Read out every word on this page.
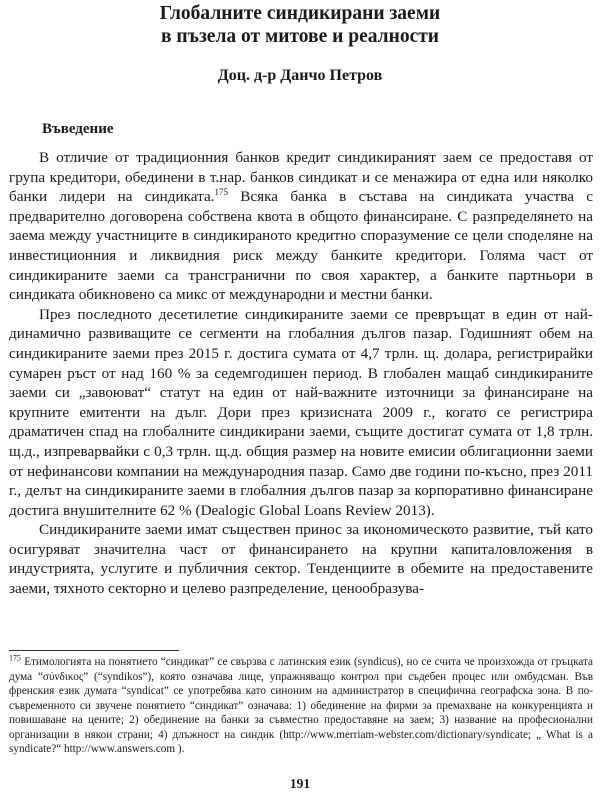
Глобалните синдикирани заеми
в пъзела от митове и реалности
Доц. д-р Данчо Петров
Въведение

В отличие от традиционния банков кредит синдикираният заем се предоставя от група кредитори, обединени в т.нар. банков синдикат и се менажира от една или няколко банки лидери на синдиката.$^{175}$ Всяка банка в състава на синдиката участва с предварително договорена собствена квота в общото финансиране. С разпределянето на заема между участниците в синдикираното кредитно споразумение се цели споделяне на инвестиционния и ликвидния риск между банките кредитори. Голяма част от синдикираните заеми са трансгранични по своя характер, а банките партньори в синдиката обикновено са микс от международни и местни банки.

През последното десетилетие синдикираните заеми се превръщат в един от най-динамично развиващите се сегменти на глобалния дългов пазар. Годишният обем на синдикираните заеми през 2015 г. достига сумата от 4,7 трлн. щ. долара, регистрирайки сумарен ръст от над 160 % за седемгодишен период. В глобален мащаб синдикираните заеми си „завоюват“ статут на един от най-важните източници за финансиране на крупните емитенти на дълг. Дори през кризисната 2009 г., когато се регистрира драматичен спад на глобалните синдикирани заеми, същите достигат сумата от 1,8 трлн. щ.д., изпреварвайки с 0,3 трлн. щ.д. общия размер на новите емисии облигационни заеми от нефинансови компании на международния пазар. Само две години по-късно, през 2011 г., делът на синдикираните заеми в глобалния дългов пазар за корпоративно финансиране достига внушителните 62 % (Dealogic Global Loans Review 2013).

Синдикираните заеми имат съществен принос за икономическото развитие, тъй като осигуряват значителна част от финансирането на крупни капиталовложения в индустрията, услугите и публичния сектор. Тенденциите в обемите на предоставените заеми, тяхното секторно и целево разпределение, ценообразува-

$^{175}$ Етимологията на понятието “синдикат” се свързва с латинския език (syndicus), но се счита че произхожда от гръцката дума “σύνδικος” (“syndikos”), която означава лице, упражняващо контрол при съдебен процес или омбудсман. Във френския език думата “syndicat” се употребява като синоним на администратор в специфична географска зона. В по-съвременното си звучене понятието “синдикат” означава: 1) обединение на фирми за премахване на конкуренцията и повишаване на цените; 2) обединение на банки за съвместно предоставяне на заем; 3) название на професионални организации в някои страни; 4) длъжност на синдик (http://www.merriam-webster.com/dictionary/syndicate; „ What is a syndicate?“ http://www.answers.com ).
191
